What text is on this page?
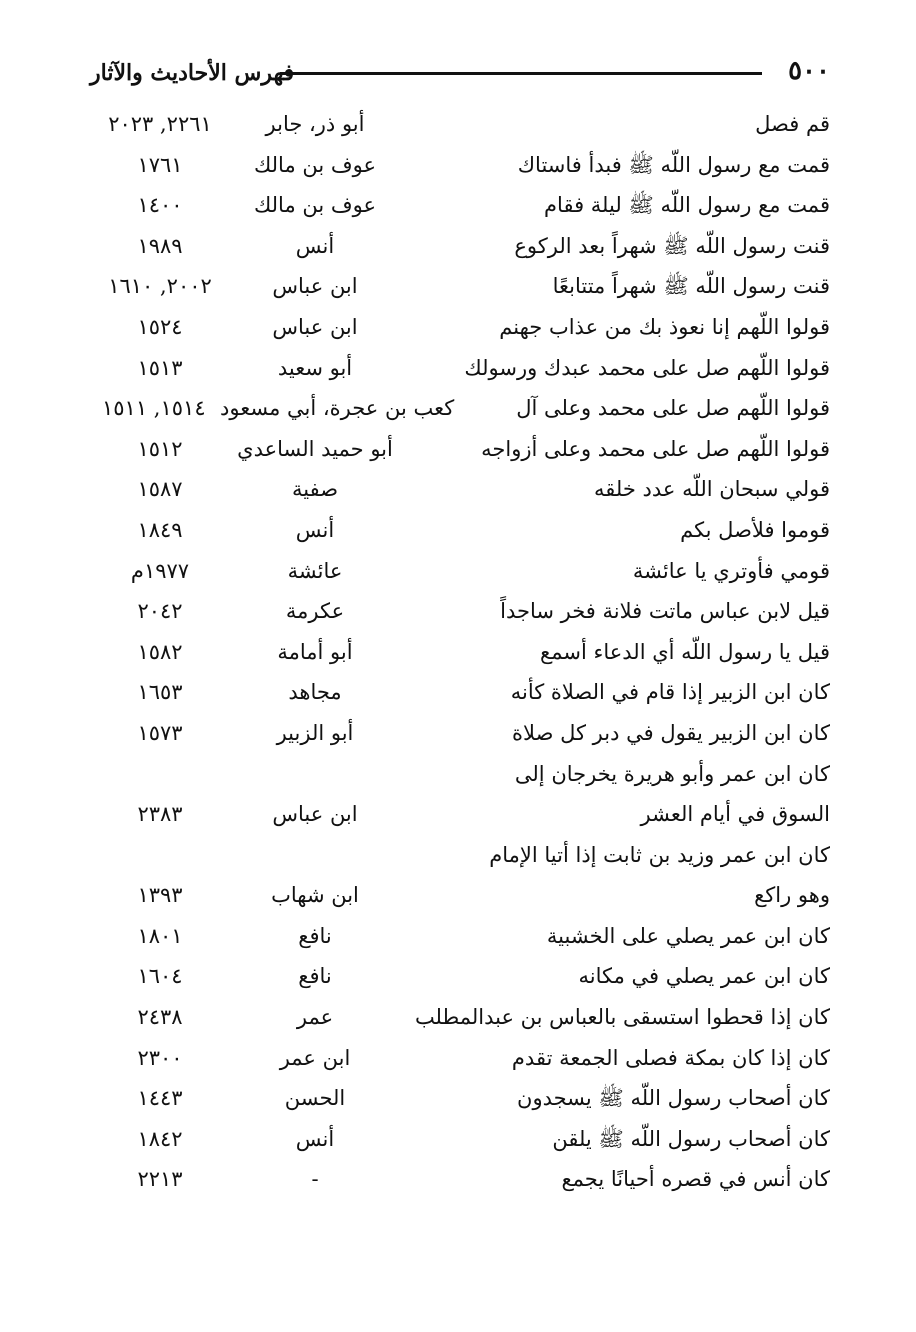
٥٠٠
فهرس الأحاديث والآثار
قم فصل
أبو ذر، جابر
٢٢٦١, ٢٠٢٣
قمت مع رسول اللّه ﷺ فبدأ فاستاك
عوف بن مالك
١٧٦١
قمت مع رسول اللّه ﷺ ليلة فقام
عوف بن مالك
١٤٠٠
قنت رسول اللّه ﷺ شهراً بعد الركوع
أنس
١٩٨٩
قنت رسول اللّه ﷺ شهراً متتابعًا
ابن عباس
٢٠٠٢, ١٦١٠
قولوا اللّهم إنا نعوذ بك من عذاب جهنم
ابن عباس
١٥٢٤
قولوا اللّهم صل على محمد عبدك ورسولك
أبو سعيد
١٥١٣
قولوا اللّهم صل على محمد وعلى آل
كعب بن عجرة، أبي مسعود
١٥١٤, ١٥١١
قولوا اللّهم صل على محمد وعلى أزواجه
أبو حميد الساعدي
١٥١٢
قولي سبحان اللّه عدد خلقه
صفية
١٥٨٧
قوموا فلأصل بكم
أنس
١٨٤٩
قومي فأوتري يا عائشة
عائشة
١٩٧٧م
قيل لابن عباس ماتت فلانة فخر ساجداً
عكرمة
٢٠٤٢
قيل يا رسول اللّه أي الدعاء أسمع
أبو أمامة
١٥٨٢
كان ابن الزبير إذا قام في الصلاة كأنه
مجاهد
١٦٥٣
كان ابن الزبير يقول في دبر كل صلاة
أبو الزبير
١٥٧٣
كان ابن عمر وأبو هريرة يخرجان إلى
السوق في أيام العشر
ابن عباس
٢٣٨٣
كان ابن عمر وزيد بن ثابت إذا أتيا الإمام
وهو راكع
ابن شهاب
١٣٩٣
كان ابن عمر يصلي على الخشبية
نافع
١٨٠١
كان ابن عمر يصلي في مكانه
نافع
١٦٠٤
كان إذا قحطوا استسقى بالعباس بن عبدالمطلب
عمر
٢٤٣٨
كان إذا كان بمكة فصلى الجمعة تقدم
ابن عمر
٢٣٠٠
كان أصحاب رسول اللّه ﷺ يسجدون
الحسن
١٤٤٣
كان أصحاب رسول اللّه ﷺ يلقن
أنس
١٨٤٢
كان أنس في قصره أحيانًا يجمع
-
٢٢١٣
